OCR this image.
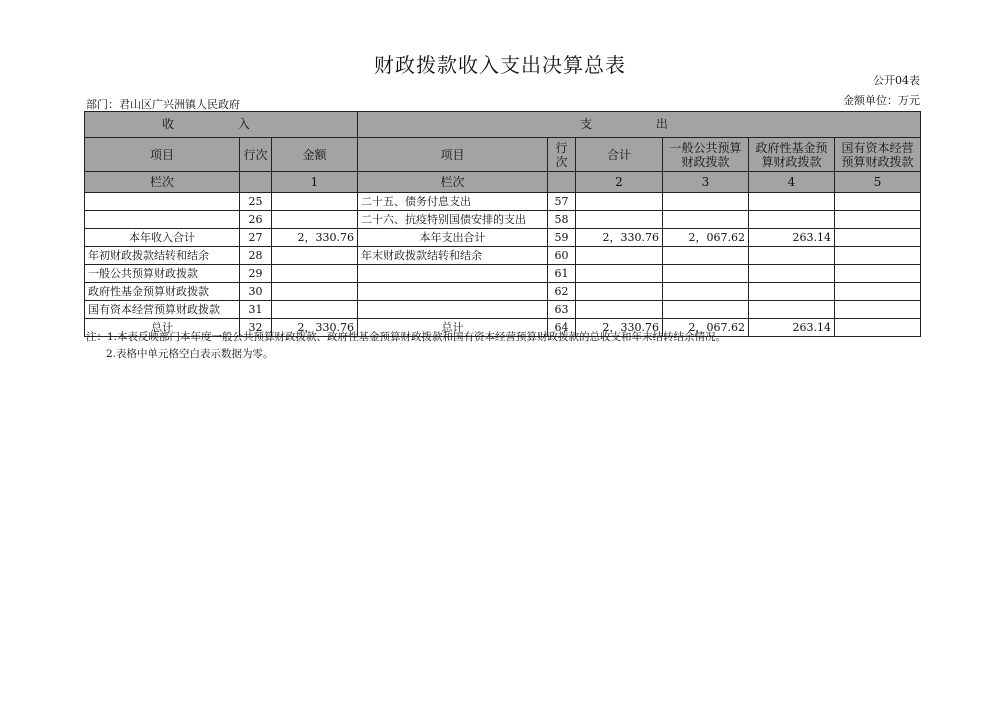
财政拨款收入支出决算总表
公开04表
部门：君山区广兴洲镇人民政府	金额单位：万元
收 入			支 出					
项目	行次	金额	项目	行次	合计	一般公共预算财政拨款	政府性基金预算财政拨款	国有资本经营预算财政拨款
栏次		1	栏次		2	3	4	5
	25		二十五、债务付息支出	57				
	26		二十六、抗疫特别国债安排的支出	58				
本年收入合计	27	2，330.76	本年支出合计	59	2，330.76	2，067.62	263.14	
年初财政拨款结转和结余	28		年末财政拨款结转和结余	60				
一般公共预算财政拨款	29			61				
政府性基金预算财政拨款	30			62				
国有资本经营预算财政拨款	31			63				
总计	32	2，330.76	总计	64	2，330.76	2，067.62	263.14	
注：1.本表反映部门本年度一般公共预算财政拨款、政府性基金预算财政拨款和国有资本经营预算财政拨款的总收支和年末结转结余情况。
2.表格中单元格空白表示数据为零。
